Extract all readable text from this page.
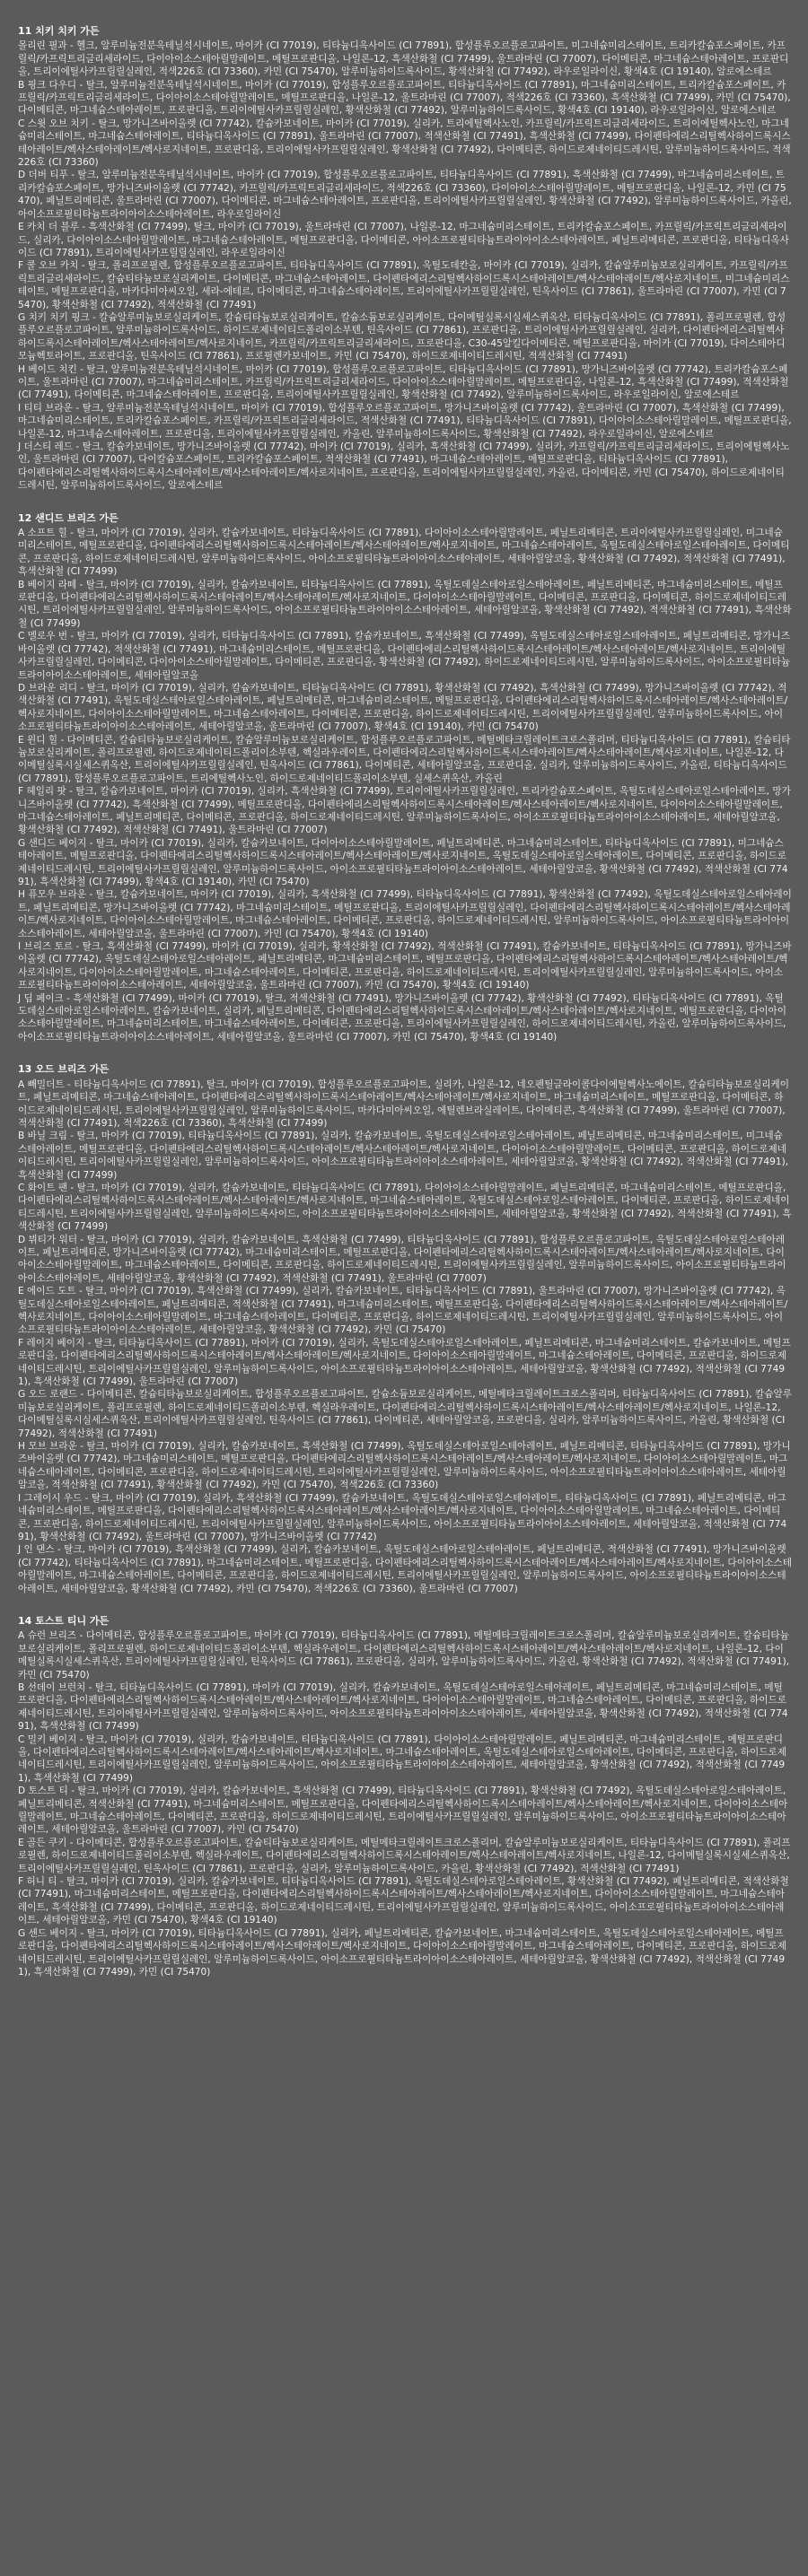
11 치키 치키 가든

몰리린 필과 - 헬크, 알루미늄전분옥테닐석시네이트, 마이카 (CI 77019), 티타늄디옥사이드 (CI 77891), 합성플루오르플로고파이트, 미그네슘미리스테이트, 트리카칼슘포스페이트, 카프릴릭/카프릭트리글리세라이드, 다이아이소스테아릴말레이트, 메틸프로판디올, 나일론-12, 흑색산화철 (CI 77499), 울트라마린 (CI 77007), 다이메티콘, 마그네슘스테아레이트, 프로판디올, 트리이에틸사카프릴릴실레인, 적색226호 (CI 73360), 카민 (CI 75470), 알루미늄하이드록사이드, 황색산화철 (CI 77492), 라우로일라이신, 황색4호 (CI 19140), 알로에스테르

B 핑크 다우디 - 탈크, 알루미늄전분옥테닐석시네이트, 마이카 (CI 77019), 합성플루오르플로고파이트, 티타늄디옥사이드 (CI 77891), 마그네슘미리스테이트, 트리카칼슘포스페이트, 카프릴릭/카프릭트리글리세라이드, 다이아이소스테아릴말레이트, 메틸프로판디올, 나일론-12, 울트라마린 (CI 77007), 적색226호 (CI 73360), 흑색산화철 (CI 77499), 카민 (CI 75470), 다이메티콘, 마그네슘스테아레이트, 프로판디올, 트리이에틸사카프릴릴실레인, 황색산화철 (CI 77492), 알루미늄하이드록사이드, 황색4호 (CI 19140), 라우로일라이신, 알로에스테르

C 스윗 오브 치키 - 탈크, 망가니즈바이올렛 (CI 77742), 칼슘카보네이트, 마이카 (CI 77019), 실리카, 트리에틸헥사노인, 카프릴릭/카프릭트리글리세라이드, 트리이에틸헥사노인, 마그네슘미리스테이트, 마그네슘스테아레이트, 티타늄디옥사이드 (CI 77891), 울트라마린 (CI 77007), 적색산화철 (CI 77491), 흑색산화철 (CI 77499), 다이펜타에리스리틸헥사하이드록시스테아레이트/헥사스테아레이트/헥사로지네이트, 프로판디올, 트리이에틸사카프릴릴실레인, 황색산화철 (CI 77492), 다이메티콘, 하이드로제네이티드레시틴, 알루미늄하이드록사이드, 적색226호 (CI 73360)

D 더버 티푸 - 탈크, 알루미늄전분옥테닐석시네이트, 마이카 (CI 77019), 합성플루오르플로고파이트, 티타늄디옥사이드 (CI 77891), 흑색산화철 (CI 77499), 마그네슘미리스테이트, 트리카칼슘포스페이트, 망가니즈바이올렛 (CI 77742), 카프릴릭/카프릭트리글리세라이드, 적색226호 (CI 73360), 다이아이소스테아릴말레이트, 메틸프로판디올, 나일론-12, 카민 (CI 75470), 페닐트리메티콘, 울트라마린 (CI 77007), 다이메티콘, 마그네슘스테아레이트, 프로판디올, 트리이에틸사카프릴릴실레인, 황색산화철 (CI 77492), 알루미늄하이드록사이드, 카올린, 아이소프로필티타늄트라이아이소스테아레이트, 라우로일라이신

E 카치 더 블루 - 흑색산화철 (CI 77499), 탈크, 마이카 (CI 77019), 울트라마린 (CI 77007), 나일론-12, 마그네슘미리스테이트, 트리카칼슘포스페이트, 카프릴릭/카프릭트리글리세라이드, 실리카, 다이아이소스테아릴말레이트, 마그네슘스테아레이트, 메틸프로판디올, 다이메티콘, 아이소프로필티타늄트라이아이소스테아레이트, 페닐트리메티콘, 프로판디올, 티타늄디옥사이드 (CI 77891), 트리이에틸사카프릴릴실레인, 라우로일라이신

F 쿨 오브 카치 - 탈크, 폴리프로필렌, 합성플루오르플로고파이트, 티타늄디옥사이드 (CI 77891), 옥틸도데칸올, 마이카 (CI 77019), 실리카, 칼슘알루미늄보로실리케이트, 카프릴릭/카프릭트리글리세라이드, 칼슘티타늄보로실리케이트, 다이메티콘, 마그네슘스테아레이트, 다이펜타에리스리틸헥사하이드록시스테아레이트/헥사스테아레이트/헥사로지네이트, 미그네슘미리스테이트, 메틸프로판디올, 마카다미아씨오일, 세라-에테르, 다이메티콘, 마그네슘스테아레이트, 트리이에틸사카프릴릴실레인, 틴옥사이드 (CI 77861), 울트라마린 (CI 77007), 카민 (CI 75470), 황색산화철 (CI 77492), 적색산화철 (CI 77491)

G 치키 치키 핑크 - 칼슘알루미늄보로실리케이트, 칼슘티타늄보로실리케이트, 칼슘소듐보로실리케이트, 다이메틸실록시실세스퀴옥산, 티타늄디옥사이드 (CI 77891), 폴리프로필렌, 합성플루오르플로고파이트, 알루미늄하이드록사이드, 하이드로제네이티드폴리이소부텐, 틴옥사이드 (CI 77861), 프로판디올, 트리이에틸사카프릴릴실레인, 실리카, 다이펜타에리스리틸헥사하이드록시스테아레이트/헥사스테아레이트/헥사로지네이트, 카프릴릭/카프릭트리글리세라이드, 프로판디올, C30-45알킬다이메티콘, 메틸프로판디올, 마이카 (CI 77019), 다이스테아디모늄헥토라이트, 프로판디올, 틴옥사이드 (CI 77861), 프로필렌카보네이트, 카민 (CI 75470), 하이드로제네이티드레시틴, 적색산화철 (CI 77491)

H 베이드 치킨 - 탈크, 알루미늄전분옥테닐석시네이트, 마이카 (CI 77019), 합성플루오르플로고파이트, 티타늄디옥사이드 (CI 77891), 망가니즈바이올렛 (CI 77742), 트리카칼슘포스페이트, 울트라마린 (CI 77007), 마그네슘미리스테이트, 카프릴릭/카프릭트리글리세라이드, 다이아이소스테아릴말레이트, 메틸프로판디올, 나일론-12, 흑색산화철 (CI 77499), 적색산화철 (CI 77491), 다이메티콘, 마그네슘스테아레이트, 프로판디올, 트리이에틸사카프릴릴실레인, 황색산화철 (CI 77492), 알루미늄하이드록사이드, 라우로일라이신, 알로에스테르

I 티티 브라운 - 탈크, 알루미늄전분옥테닐석시네이트, 마이카 (CI 77019), 합성플루오르플로고파이트, 망가니즈바이올렛 (CI 77742), 울트라마린 (CI 77007), 흑색산화철 (CI 77499), 마그네슘미리스테이트, 트리카칼슘포스페이트, 카프릴릭/카프릭트리글리세라이드, 적색산화철 (CI 77491), 티타늄디옥사이드 (CI 77891), 다이아이소스테아릴말레이트, 메틸프로판디올, 나일론-12, 마그네슘스테아레이트, 프로판디올, 트리이에틸사카프릴릴실레인, 카올린, 알루미늄하이드록사이드, 황색산화철 (CI 77492), 라우로일라이신, 알로에스테르

J 더스티 레드 - 탈크, 칼슘카보네이트, 망가니즈바이올렛 (CI 77742), 마이카 (CI 77019), 실리카, 흑색산화철 (CI 77499), 실리카, 카프릴릭/카프릭트리글리세라이드, 트리이에틸헥사노인, 울트라마린 (CI 77007), 다이칼슘포스페이트, 트리카칼슘포스페이트, 적색산화철 (CI 77491), 마그네슘스테아레이트, 메틸프로판디올, 티타늄디옥사이드 (CI 77891),

다이펜타에리스리틸헥사하이드록시스테아레이트/헥사스테아레이트/헥사로지네이트, 프로판디올, 트리이에틸사카프릴릴실레인, 카올린, 다이메티콘, 카민 (CI 75470), 하이드로제네이티드레시틴, 알루미늄하이드록사이드, 알로에스테르

12 샌디드 브리즈 가든

A 소프트 힐 - 탈크, 마이카 (CI 77019), 실리카, 칼슘카보네이트, 티타늄디옥사이드 (CI 77891), 다이아이소스테아릴말레이트, 페닐트리메티콘, 트리이에틸사카프릴릴실레인, 미그네슘미리스테이트, 메틸프로판디올, 다이펜타에리스리틸헥사하이드록시스테아레이트/헥사스테아레이트/헥사로지네이트, 마그네슘스테아레이트, 옥틸도데실스테아로일스테아레이트, 다이메티콘, 프로판디올, 하이드로제네이티드레시틴, 알루미늄하이드록사이드, 아이소프로필티타늄트라이아이소스테아레이트, 세테아릴알코올, 황색산화철 (CI 77492), 적색산화철 (CI 77491), 흑색산화철 (CI 77499)

B 베이지 라떼 - 탈크, 마이카 (CI 77019), 실리카, 칼슘카보네이트, 티타늄디옥사이드 (CI 77891), 옥틸도데실스테아로일스테아레이트, 페닐트리메티콘, 마그네슘미리스테이트, 메틸프로판디올, 다이펜타에리스리틸헥사하이드록시스테아레이트/헥사스테아레이트/헥사로지네이트, 다이아이소스테아릴말레이트, 다이메티콘, 프로판디올, 다이메티콘, 하이드로제네이티드레시틴, 트리이에틸사카프릴릴실레인, 알루미늄하이드록사이드, 아이소프로필티타늄트라이아이소스테아레이트, 세테아릴알코올, 황색산화철 (CI 77492), 적색산화철 (CI 77491), 흑색산화철 (CI 77499)

C 멜로우 번 - 탈크, 마이카 (CI 77019), 실리카, 티타늄디옥사이드 (CI 77891), 칼슘카보네이트, 흑색산화철 (CI 77499), 옥틸도데실스테아로일스테아레이트, 페닐트리메티콘, 망가니즈바이올렛 (CI 77742), 적색산화철 (CI 77491), 마그네슘미리스테이트, 메틸프로판디올, 다이펜타에리스리틸헥사하이드록시스테아레이트/헥사스테아레이트/헥사로지네이트, 트리이에틸사카프릴릴실레인, 다이메티콘, 다이아이소스테아릴말레이트, 다이메티콘, 프로판디올, 황색산화철 (CI 77492), 하이드로제네이티드레시틴, 알루미늄하이드록사이드, 아이소프로필티타늄트라이아이소스테아레이트, 세테아릴알코올

D 브라운 리디 - 탈크, 마이카 (CI 77019), 실리카, 칼슘카보네이트, 티타늄디옥사이드 (CI 77891), 황색산화철 (CI 77492), 흑색산화철 (CI 77499), 망가니즈바이올렛 (CI 77742), 적색산화철 (CI 77491), 옥틸도데실스테아로일스테아레이트, 페닐트리메티콘, 마그네슘미리스테이트, 메틸프로판디올, 다이펜타에리스리틸헥사하이드록시스테아레이트/헥사스테아레이트/헥사로지네이트, 다이아이소스테아릴말레이트, 마그네슘스테아레이트, 다이메티콘, 프로판디올, 하이드로제네이티드레시틴, 트리이에틸사카프릴릴실레인, 알루미늄하이드록사이드, 아이소프로필티타늄트라이아이소스테아레이트, 세테아릴알코올, 울트라마린 (CI 77007), 황색4호 (CI 19140), 카민 (CI 75470)

E 윈디 힐 - 다이메티콘, 칼슘티타늄보로실리케이트, 칼슘알루미늄보로실리케이트, 합성플루오르플로고파이트, 메틸메타크릴레이트크로스폴리머, 티타늄디옥사이드 (CI 77891), 칼슘티타늄보로실리케이트, 폴리프로필렌, 하이드로제네이티드폴리이소부텐, 헥실라우레이트, 다이펜타에리스리틸헥사하이드록시스테아레이트/헥사스테아레이트/헥사로지네이트, 나일론-12, 다이메틸실록시실세스퀴옥산, 트리이에틸사카프릴릴실레인, 틴옥사이드 (CI 77861), 다이메티콘, 세테아릴알코올, 프로판디올, 실리카, 알루미늄하이드록사이드, 카올린, 티타늄디옥사이드 (CI 77891), 합성플루오르플로고파이트, 트리에틸헥사노인, 하이드로제네이티드폴리이소부텐, 실세스퀴옥산, 카올린

F 헤일리 팟 - 탈크, 칼슘카보네이트, 마이카 (CI 77019), 실리카, 흑색산화철 (CI 77499), 트리이에틸사카프릴릴실레인, 트리카칼슘포스페이트, 옥틸도데실스테아로일스테아레이트, 망가니즈바이올렛 (CI 77742), 흑색산화철 (CI 77499), 메틸프로판디올, 다이펜타에리스리틸헥사하이드록시스테아레이트/헥사스테아레이트/헥사로지네이트, 다이아이소스테아릴말레이트, 마그네슘스테아레이트, 페닐트리메티콘, 다이메티콘, 프로판디올, 하이드로제네이티드레시틴, 알루미늄하이드록사이드, 아이소프로필티타늄트라이아이소스테아레이트, 세테아릴알코올, 황색산화철 (CI 77492), 적색산화철 (CI 77491), 울트라마린 (CI 77007)

G 샌디드 베이지 - 탈크, 마이카 (CI 77019), 실리카, 칼슘카보네이트, 다이아이소스테아릴말레이트, 페닐트리메티콘, 마그네슘미리스테이트, 티타늄디옥사이드 (CI 77891), 미그네슘스테아레이트, 메틸프로판디올, 다이펜타에리스리틸헥사하이드록시스테아레이트/헥사스테아레이트/헥사로지네이트, 옥틸도데실스테아로일스테아레이트, 다이메티콘, 프로판디올, 하이드로제네이티드레시틴, 트리이에틸사카프릴릴실레인, 알루미늄하이드록사이드, 아이소프로필티타늄트라이아이소스테아레이트, 세테아릴알코올, 황색산화철 (CI 77492), 적색산화철 (CI 77491), 흑색산화철 (CI 77499), 황색4호 (CI 19140), 카민 (CI 75470)

H 퓨모우 브라운 - 탈크, 칼슘카보네이트, 마이카 (CI 77019), 실리카, 흑색산화철 (CI 77499), 티타늄디옥사이드 (CI 77891), 황색산화철 (CI 77492), 옥틸도데실스테아로일스테아레이트, 페닐트리메티콘, 망가니즈바이올렛 (CI 77742), 마그네슘미리스테이트, 메틸프로판디올, 트리이에틸사카프릴릴실레인, 다이펜타에리스리틸헥사하이드록시스테아레이트/헥사스테아레이트/헥사로지네이트, 다이아이소스테아릴말레이트, 마그네슘스테아레이트, 다이메티콘, 프로판디올, 하이드로제네이티드레시틴, 알루미늄하이드록사이드, 아이소프로필티타늄트라이아이소스테아레이트, 세테아릴알코올, 울트라마린 (CI 77007), 카민 (CI 75470), 황색4호 (CI 19140)

I 브리즈 토르 - 탈크, 흑색산화철 (CI 77499), 마이카 (CI 77019), 실리카, 황색산화철 (CI 77492), 적색산화철 (CI 77491), 칼슘카보네이트, 티타늄디옥사이드 (CI 77891), 망가니즈바이올렛 (CI 77742), 옥틸도데실스테아로일스테아레이트, 페닐트리메티콘, 마그네슘미리스테이트, 메틸프로판디올, 다이펜타에리스리틸헥사하이드록시스테아레이트/헥사스테아레이트/헥사로지네이트, 다이아이소스테아릴말레이트, 마그네슘스테아레이트, 다이메티콘, 프로판디올, 하이드로제네이티드레시틴, 트리이에틸사카프릴릴실레인, 알루미늄하이드록사이드, 아이소프로필티타늄트라이아이소스테아레이트, 세테아릴알코올, 울트라마린 (CI 77007), 카민 (CI 75470), 황색4호 (CI 19140)

J 딥 페이크 - 흑색산화철 (CI 77499), 마이카 (CI 77019), 탈크, 적색산화철 (CI 77491), 망가니즈바이올렛 (CI 77742), 황색산화철 (CI 77492), 티타늄디옥사이드 (CI 77891), 옥틸도데실스테아로일스테아레이트, 칼슘카보네이트, 실리카, 페닐트리메티콘, 다이펜타에리스리틸헥사하이드록시스테아레이트/헥사스테아레이트/헥사로지네이트, 메틸프로판디올, 다이아이소스테아릴말레이트, 마그네슘미리스테이트, 마그네슘스테아레이트, 다이메티콘, 프로판디올, 트리이에틸사카프릴릴실레인, 하이드로제네이티드레시틴, 카올린, 알루미늄하이드록사이드, 아이소프로필티타늄트라이아이소스테아레이트, 세테아릴알코올, 울트라마린 (CI 77007), 카민 (CI 75470), 황색4호 (CI 19140)

13 오드 브리즈 가든

A 빼밀더트 - 티타늄디옥사이드 (CI 77891), 탈크, 마이카 (CI 77019), 합성플루오르플로고파이트, 실리카, 나일론-12, 네오펜틸글라이콜다이에틸헥사노에이트, 칼슘티타늄보로실리케이트, 페닐트리메티콘, 마그네슘스테아레이트, 다이펜타에리스리틸헥사하이드록시스테아레이트/헥사스테아레이트/헥사로지네이트, 마그네슘미리스테이트, 메틸프로판디올, 다이메티콘, 하이드로제네이티드레시틴, 트리이에틸사카프릴릴실레인, 알루미늄하이드록사이드, 마카다미아씨오일, 에틸렌브라실레이트, 다이메티콘, 흑색산화철 (CI 77499), 울트라마린 (CI 77007), 적색산화철 (CI 77491), 적색226호 (CI 73360), 흑색산화철 (CI 77499)

B 바닐 크림 - 탈크, 마이카 (CI 77019), 티타늄디옥사이드 (CI 77891), 실리카, 칼슘카보네이트, 옥틸도데실스테아로일스테아레이트, 페닐트리메티콘, 마그네슘미리스테이트, 미그네슘스테아레이트, 메틸프로판디올, 다이펜타에리스리틸헥사하이드록시스테아레이트/헥사스테아레이트/헥사로지네이트, 다이아이소스테아릴말레이트, 다이메티콘, 프로판디올, 하이드로제네이티드레시틴, 트리이에틸사카프릴릴실레인, 알루미늄하이드록사이드, 아이소프로필티타늄트라이아이소스테아레이트, 세테아릴알코올, 황색산화철 (CI 77492), 적색산화철 (CI 77491), 흑색산화철 (CI 77499)

C 화이트 팬 - 탈크, 마이카 (CI 77019), 실리카, 칼슘카보네이트, 티타늄디옥사이드 (CI 77891), 다이아이소스테아릴말레이트, 페닐트리메티콘, 마그네슘미리스테이트, 메틸프로판디올, 다이펜타에리스리틸헥사하이드록시스테아레이트/헥사스테아레이트/헥사로지네이트, 마그네슘스테아레이트, 옥틸도데실스테아로일스테아레이트, 다이메티콘, 프로판디올, 하이드로제네이티드레시틴, 트리이에틸사카프릴릴실레인, 알루미늄하이드록사이드, 아이소프로필티타늄트라이아이소스테아레이트, 세테아릴알코올, 황색산화철 (CI 77492), 적색산화철 (CI 77491), 흑색산화철 (CI 77499)

D 뷔티가 워터 - 탈크, 마이카 (CI 77019), 실리카, 칼슘카보네이트, 흑색산화철 (CI 77499), 티타늄디옥사이드 (CI 77891), 합성플루오르플로고파이트, 옥틸도데실스테아로일스테아레이트, 페닐트리메티콘, 망가니즈바이올렛 (CI 77742), 마그네슘미리스테이트, 메틸프로판디올, 다이펜타에리스리틸헥사하이드록시스테아레이트/헥사스테아레이트/헥사로지네이트, 다이아이소스테아릴말레이트, 마그네슘스테아레이트, 다이메티콘, 프로판디올, 하이드로제네이티드레시틴, 트리이에틸사카프릴릴실레인, 알루미늄하이드록사이드, 아이소프로필티타늄트라이아이소스테아레이트, 세테아릴알코올, 황색산화철 (CI 77492), 적색산화철 (CI 77491), 울트라마린 (CI 77007)

E 에이드 도트 - 탈크, 마이카 (CI 77019), 흑색산화철 (CI 77499), 실리카, 칼슘카보네이트, 티타늄디옥사이드 (CI 77891), 울트라마린 (CI 77007), 망가니즈바이올렛 (CI 77742), 옥틸도데실스테아로일스테아레이트, 페닐트리메티콘, 적색산화철 (CI 77491), 마그네슘미리스테이트, 메틸프로판디올, 다이펜타에리스리틸헥사하이드록시스테아레이트/헥사스테아레이트/헥사로지네이트, 다이아이소스테아릴말레이트, 마그네슘스테아레이트, 다이메티콘, 프로판디올, 하이드로제네이티드레시틴, 트리이에틸사카프릴릴실레인, 알루미늄하이드록사이드, 아이소프로필티타늄트라이아이소스테아레이트, 세테아릴알코올, 황색산화철 (CI 77492), 카민 (CI 75470)

F 레이지 베이지 - 탈크, 티타늄디옥사이드 (CI 77891), 마이카 (CI 77019), 실리카, 옥틸도데실스테아로일스테아레이트, 페닐트리메티콘, 마그네슘미리스테이트, 칼슘카보네이트, 메틸프로판디올, 다이펜타에리스리틸헥사하이드록시스테아레이트/헥사스테아레이트/헥사로지네이트, 다이아이소스테아릴말레이트, 마그네슘스테아레이트, 다이메티콘, 프로판디올, 하이드로제네이티드레시틴, 트리이에틸사카프릴릴실레인, 알루미늄하이드록사이드, 아이소프로필티타늄트라이아이소스테아레이트, 세테아릴알코올, 황색산화철 (CI 77492), 적색산화철 (CI 77491), 흑색산화철 (CI 77499), 울트라마린 (CI 77007)

G 오드 로랜드 - 다이메티콘, 칼슘티타늄보로실리케이트, 합성플루오르플로고파이트, 칼슘소듐보로실리케이트, 메틸메타크릴레이트크로스폴리머, 티타늄디옥사이드 (CI 77891), 칼슘알루미늄보로실리케이트, 폴리프로필렌, 하이드로제네이티드폴리이소부텐, 헥실라우레이트, 다이펜타에리스리틸헥사하이드록시스테아레이트/헥사스테아레이트/헥사로지네이트, 나일론-12, 다이메틸실록시실세스퀴옥산, 트리이에틸사카프릴릴실레인, 틴옥사이드 (CI 77861), 다이메티콘, 세테아릴알코올, 프로판디올, 실리카, 알루미늄하이드록사이드, 카올린, 황색산화철 (CI 77492), 적색산화철 (CI 77491)

H 모브 브라운 - 탈크, 마이카 (CI 77019), 실리카, 칼슘카보네이트, 흑색산화철 (CI 77499), 옥틸도데실스테아로일스테아레이트, 페닐트리메티콘, 티타늄디옥사이드 (CI 77891), 망가니즈바이올렛 (CI 77742), 마그네슘미리스테이트, 메틸프로판디올, 다이펜타에리스리틸헥사하이드록시스테아레이트/헥사스테아레이트/헥사로지네이트, 다이아이소스테아릴말레이트, 마그네슘스테아레이트, 다이메티콘, 프로판디올, 하이드로제네이티드레시틴, 트리이에틸사카프릴릴실레인, 알루미늄하이드록사이드, 아이소프로필티타늄트라이아이소스테아레이트, 세테아릴알코올, 적색산화철 (CI 77491), 황색산화철 (CI 77492), 카민 (CI 75470), 적색226호 (CI 73360)

I 그레이시 우드 - 탈크, 마이카 (CI 77019), 실리카, 흑색산화철 (CI 77499), 칼슘카보네이트, 옥틸도데실스테아로일스테아레이트, 티타늄디옥사이드 (CI 77891), 페닐트리메티콘, 마그네슘미리스테이트, 메틸프로판디올, 다이펜타에리스리틸헥사하이드록시스테아레이트/헥사스테아레이트/헥사로지네이트, 다이아이소스테아릴말레이트, 마그네슘스테아레이트, 다이메티콘, 프로판디올, 하이드로제네이티드레시틴, 트리이에틸사카프릴릴실레인, 알루미늄하이드록사이드, 아이소프로필티타늄트라이아이소스테아레이트, 세테아릴알코올, 적색산화철 (CI 77491), 황색산화철 (CI 77492), 울트라마린 (CI 77007), 망가니즈바이올렛 (CI 77742)

J 인 댄스 - 탈크, 마이카 (CI 77019), 흑색산화철 (CI 77499), 실리카, 칼슘카보네이트, 옥틸도데실스테아로일스테아레이트, 페닐트리메티콘, 적색산화철 (CI 77491), 망가니즈바이올렛 (CI 77742), 티타늄디옥사이드 (CI 77891), 마그네슘미리스테이트, 메틸프로판디올, 다이펜타에리스리틸헥사하이드록시스테아레이트/헥사스테아레이트/헥사로지네이트, 다이아이소스테아릴말레이트, 마그네슘스테아레이트, 다이메티콘, 프로판디올, 하이드로제네이티드레시틴, 트리이에틸사카프릴릴실레인, 알루미늄하이드록사이드, 아이소프로필티타늄트라이아이소스테아레이트, 세테아릴알코올, 황색산화철 (CI 77492), 카민 (CI 75470), 적색226호 (CI 73360), 울트라마린 (CI 77007)

14 토스트 티니 가든

A 슈런 브리즈 - 다이메티콘, 합성플루오르플로고파이트, 마이카 (CI 77019), 티타늄디옥사이드 (CI 77891), 메틸메타크릴레이트크로스폴리머, 칼슘알루미늄보로실리케이트, 칼슘티타늄보로실리케이트, 폴리프로필렌, 하이드로제네이티드폴리이소부텐, 헥실라우레이트, 다이펜타에리스리틸헥사하이드록시스테아레이트/헥사스테아레이트/헥사로지네이트, 나일론-12, 다이메틸실록시실세스퀴옥산, 트리이에틸사카프릴릴실레인, 틴옥사이드 (CI 77861), 프로판디올, 실리카, 알루미늄하이드록사이드, 카올린, 황색산화철 (CI 77492), 적색산화철 (CI 77491), 카민 (CI 75470)

B 선데이 브런치 - 탈크, 티타늄디옥사이드 (CI 77891), 마이카 (CI 77019), 실리카, 칼슘카보네이트, 옥틸도데실스테아로일스테아레이트, 페닐트리메티콘, 마그네슘미리스테이트, 메틸프로판디올, 다이펜타에리스리틸헥사하이드록시스테아레이트/헥사스테아레이트/헥사로지네이트, 다이아이소스테아릴말레이트, 마그네슘스테아레이트, 다이메티콘, 프로판디올, 하이드로제네이티드레시틴, 트리이에틸사카프릴릴실레인, 알루미늄하이드록사이드, 아이소프로필티타늄트라이아이소스테아레이트, 세테아릴알코올, 황색산화철 (CI 77492), 적색산화철 (CI 77491), 흑색산화철 (CI 77499)

C 밀키 베이지 - 탈크, 마이카 (CI 77019), 실리카, 칼슘카보네이트, 티타늄디옥사이드 (CI 77891), 다이아이소스테아릴말레이트, 페닐트리메티콘, 마그네슘미리스테이트, 메틸프로판디올, 다이펜타에리스리틸헥사하이드록시스테아레이트/헥사스테아레이트/헥사로지네이트, 마그네슘스테아레이트, 옥틸도데실스테아로일스테아레이트, 다이메티콘, 프로판디올, 하이드로제네이티드레시틴, 트리이에틸사카프릴릴실레인, 알루미늄하이드록사이드, 아이소프로필티타늄트라이아이소스테아레이트, 세테아릴알코올, 황색산화철 (CI 77492), 적색산화철 (CI 77491), 흑색산화철 (CI 77499)

D 토스트 티 - 탈크, 마이카 (CI 77019), 실리카, 칼슘카보네이트, 흑색산화철 (CI 77499), 티타늄디옥사이드 (CI 77891), 황색산화철 (CI 77492), 옥틸도데실스테아로일스테아레이트, 페닐트리메티콘, 적색산화철 (CI 77491), 마그네슘미리스테이트, 메틸프로판디올, 다이펜타에리스리틸헥사하이드록시스테아레이트/헥사스테아레이트/헥사로지네이트, 다이아이소스테아릴말레이트, 마그네슘스테아레이트, 다이메티콘, 프로판디올, 하이드로제네이티드레시틴, 트리이에틸사카프릴릴실레인, 알루미늄하이드록사이드, 아이소프로필티타늄트라이아이소스테아레이트, 세테아릴알코올, 울트라마린 (CI 77007), 카민 (CI 75470)

E 골든 쿠키 - 다이메티콘, 합성플루오르플로고파이트, 칼슘티타늄보로실리케이트, 메틸메타크릴레이트크로스폴리머, 칼슘알루미늄보로실리케이트, 티타늄디옥사이드 (CI 77891), 폴리프로필렌, 하이드로제네이티드폴리이소부텐, 헥실라우레이트, 다이펜타에리스리틸헥사하이드록시스테아레이트/헥사스테아레이트/헥사로지네이트, 나일론-12, 다이메틸실록시실세스퀴옥산, 트리이에틸사카프릴릴실레인, 틴옥사이드 (CI 77861), 프로판디올, 실리카, 알루미늄하이드록사이드, 카올린, 황색산화철 (CI 77492), 적색산화철 (CI 77491)

F 허니 티 - 탈크, 마이카 (CI 77019), 실리카, 칼슘카보네이트, 티타늄디옥사이드 (CI 77891), 옥틸도데실스테아로일스테아레이트, 황색산화철 (CI 77492), 페닐트리메티콘, 적색산화철 (CI 77491), 마그네슘미리스테이트, 메틸프로판디올, 다이펜타에리스리틸헥사하이드록시스테아레이트/헥사스테아레이트/헥사로지네이트, 다이아이소스테아릴말레이트, 마그네슘스테아레이트, 흑색산화철 (CI 77499), 다이메티콘, 프로판디올, 하이드로제네이티드레시틴, 트리이에틸사카프릴릴실레인, 알루미늄하이드록사이드, 아이소프로필티타늄트라이아이소스테아레이트, 세테아릴알코올, 카민 (CI 75470), 황색4호 (CI 19140)

G 센드 베이지 - 탈크, 마이카 (CI 77019), 티타늄디옥사이드 (CI 77891), 실리카, 페닐트리메티콘, 칼슘카보네이트, 마그네슘미리스테이트, 옥틸도데실스테아로일스테아레이트, 메틸프로판디올, 다이펜타에리스리틸헥사하이드록시스테아레이트/헥사스테아레이트/헥사로지네이트, 다이아이소스테아릴말레이트, 마그네슘스테아레이트, 다이메티콘, 프로판디올, 하이드로제네이티드레시틴, 트리이에틸사카프릴릴실레인, 알루미늄하이드록사이드, 아이소프로필티타늄트라이아이소스테아레이트, 세테아릴알코올, 황색산화철 (CI 77492), 적색산화철 (CI 77491), 흑색산화철 (CI 77499), 카민 (CI 75470)
